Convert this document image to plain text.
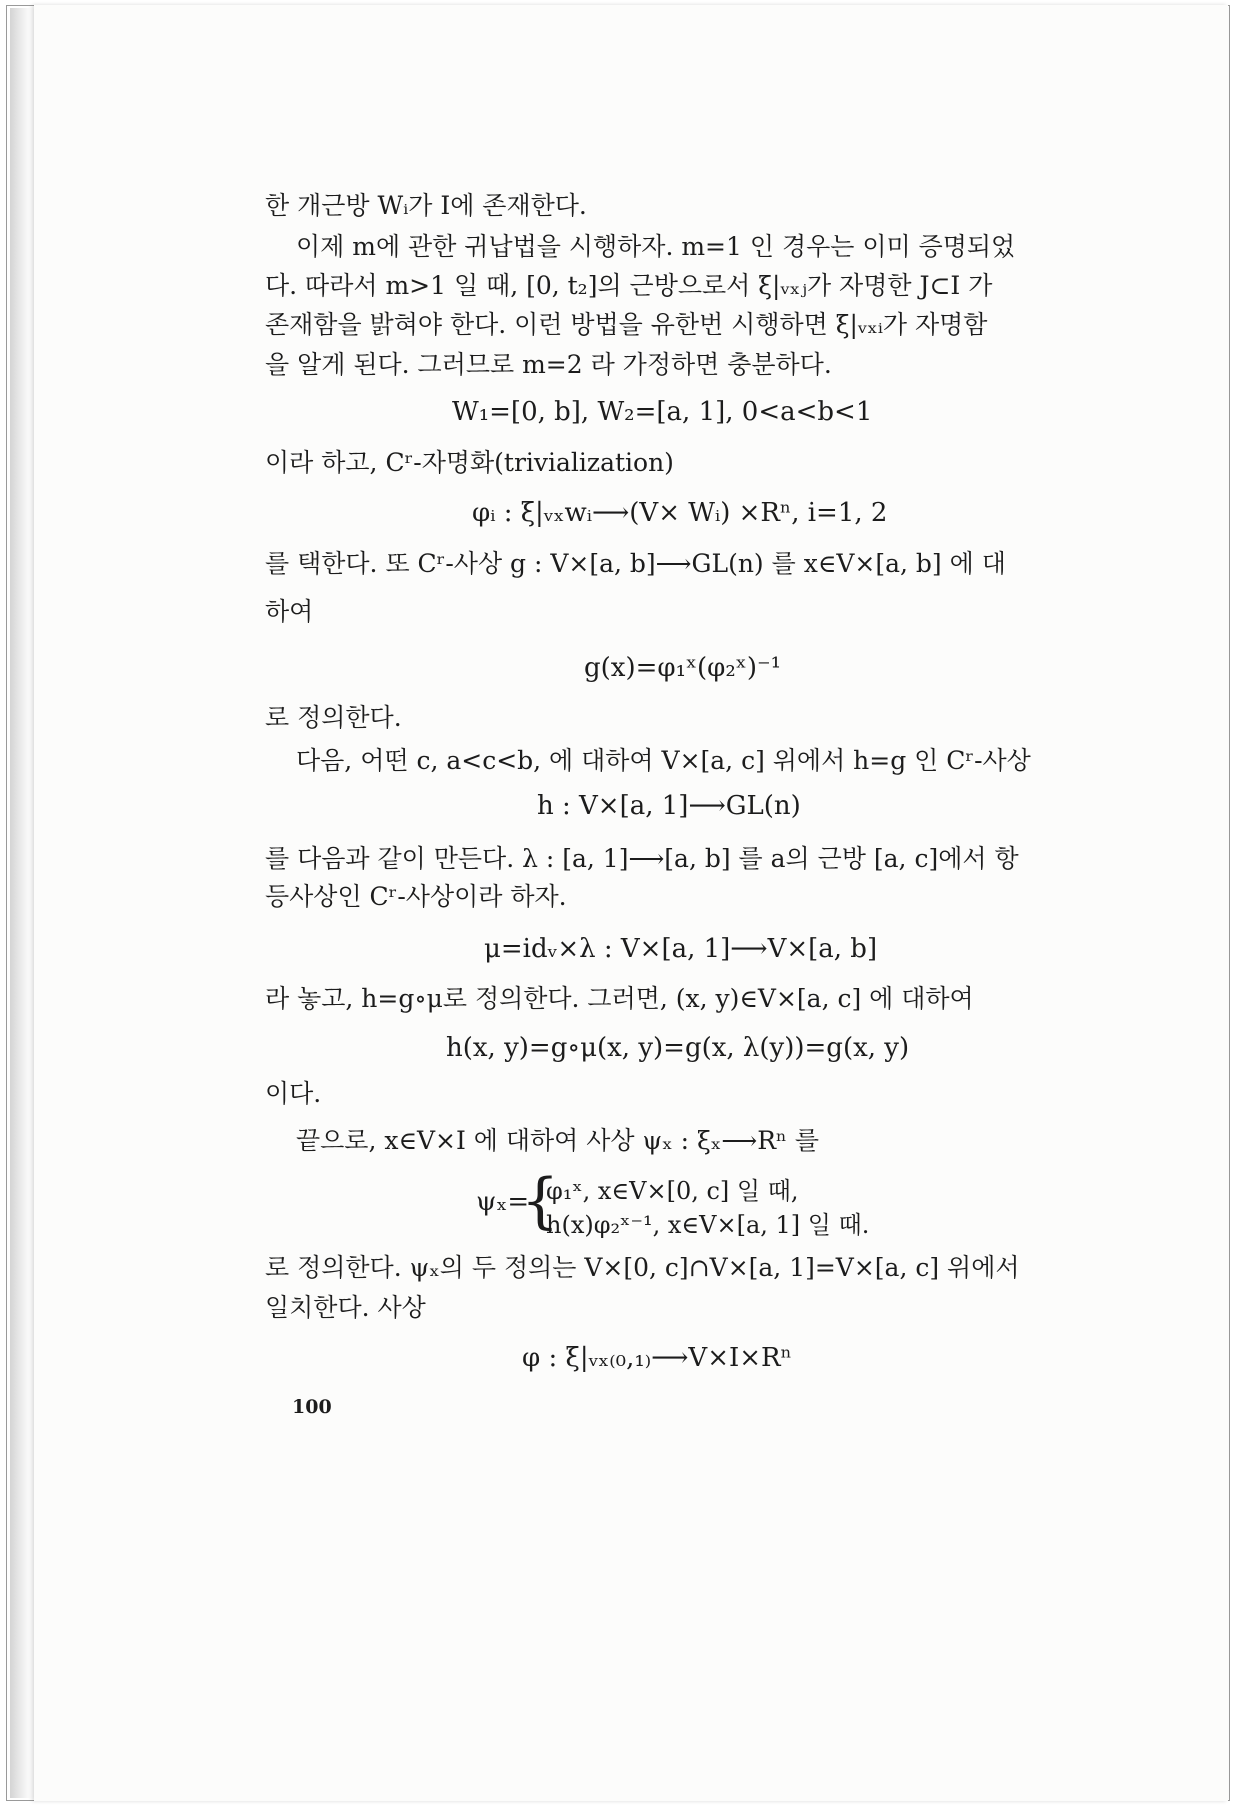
한 개근방 Wᵢ가 I에 존재한다.
이제 m에 관한 귀납법을 시행하자. m=1 인 경우는 이미 증명되었
다. 따라서 m>1 일 때, [0, t₂]의 근방으로서 ξ|ᵥₓⱼ가 자명한 J⊂I 가
존재함을 밝혀야 한다. 이런 방법을 유한번 시행하면 ξ|ᵥₓᵢ가 자명함
을 알게 된다. 그러므로 m=2 라 가정하면 충분하다.
W₁=[0, b], W₂=[a, 1], 0<a<b<1
이라 하고, Cʳ-자명화(trivialization)
φᵢ : ξ|ᵥₓwᵢ⟶(V× Wᵢ) ×Rⁿ, i=1, 2
를 택한다. 또 Cʳ-사상 g : V×[a, b]⟶GL(n) 를 x∈V×[a, b] 에 대
하여
g(x)=φ₁ˣ(φ₂ˣ)⁻¹
로 정의한다.
다음, 어떤 c, a<c<b, 에 대하여 V×[a, c] 위에서 h=g 인 Cʳ-사상
h : V×[a, 1]⟶GL(n)
를 다음과 같이 만든다. λ : [a, 1]⟶[a, b] 를 a의 근방 [a, c]에서 항
등사상인 Cʳ-사상이라 하자.
μ=idᵥ×λ : V×[a, 1]⟶V×[a, b]
라 놓고, h=g∘μ로 정의한다. 그러면, (x, y)∈V×[a, c] 에 대하여
h(x, y)=g∘μ(x, y)=g(x, λ(y))=g(x, y)
이다.
끝으로, x∈V×I 에 대하여 사상 ψₓ : ξₓ⟶Rⁿ 를
ψₓ=
{
φ₁ˣ, x∈V×[0, c] 일 때,
h(x)φ₂ˣ⁻¹, x∈V×[a, 1] 일 때.
로 정의한다. ψₓ의 두 정의는 V×[0, c]∩V×[a, 1]=V×[a, c] 위에서
일치한다. 사상
φ : ξ|ᵥₓ₍₀,₁₎⟶V×I×Rⁿ
100
